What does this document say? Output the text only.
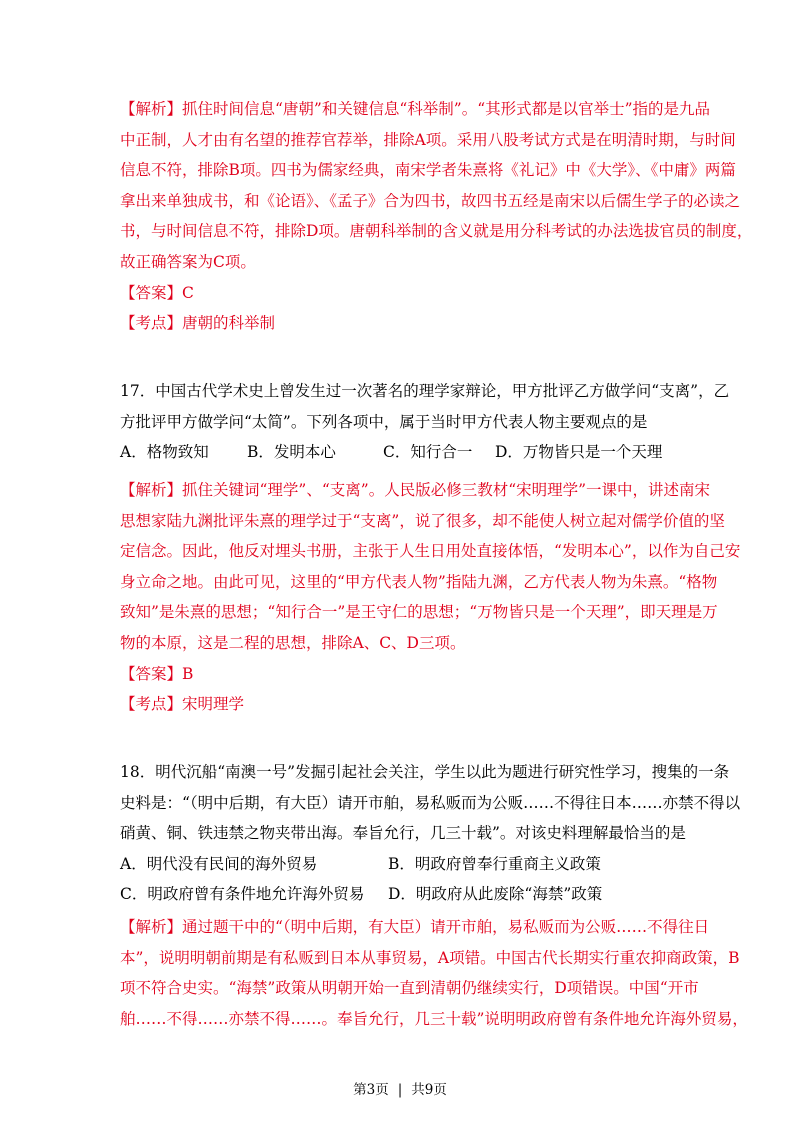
【解析】抓住时间信息“唐朝”和关键信息“科举制”。“其形式都是以官举士”指的是九品

中正制，人才由有名望的推荐官荐举，排除A项。采用八股考试方式是在明清时期，与时间

信息不符，排除B项。四书为儒家经典，南宋学者朱熹将《礼记》中《大学》、《中庸》两篇

拿出来单独成书，和《论语》、《孟子》合为四书，故四书五经是南宋以后儒生学子的必读之

书，与时间信息不符，排除D项。唐朝科举制的含义就是用分科考试的办法选拔官员的制度，

故正确答案为C项。

【答案】C

【考点】唐朝的科举制

17．中国古代学术史上曾发生过一次著名的理学家辩论，甲方批评乙方做学问“支离”，乙

方批评甲方做学问“太简”。下列各项中，属于当时甲方代表人物主要观点的是

A．格物致知	B．发明本心	C．知行合一	D．万物皆只是一个天理

【解析】抓住关键词“理学”、“支离”。人民版必修三教材“宋明理学”一课中，讲述南宋

思想家陆九渊批评朱熹的理学过于“支离”，说了很多，却不能使人树立起对儒学价值的坚

定信念。因此，他反对埋头书册，主张于人生日用处直接体悟，“发明本心”，以作为自己安

身立命之地。由此可见，这里的“甲方代表人物”指陆九渊，乙方代表人物为朱熹。“格物

致知”是朱熹的思想；“知行合一”是王守仁的思想；“万物皆只是一个天理”，即天理是万

物的本原，这是二程的思想，排除A、C、D三项。

【答案】B

【考点】宋明理学

18．明代沉船“南澳一号”发掘引起社会关注，学生以此为题进行研究性学习，搜集的一条

史料是：“（明中后期，有大臣）请开市舶，易私贩而为公贩……不得往日本……亦禁不得以

硝黄、铜、铁违禁之物夹带出海。奉旨允行，几三十载”。对该史料理解最恰当的是

A．明代没有民间的海外贸易	B．明政府曾奉行重商主义政策
C．明政府曾有条件地允许海外贸易	D．明政府从此废除“海禁”政策

【解析】通过题干中的“（明中后期，有大臣）请开市舶，易私贩而为公贩……不得往日

本”，说明明朝前期是有私贩到日本从事贸易，A项错。中国古代长期实行重农抑商政策，B

项不符合史实。“海禁”政策从明朝开始一直到清朝仍继续实行，D项错误。中国“开市

舶……不得……亦禁不得……。奉旨允行，几三十载”说明明政府曾有条件地允许海外贸易，

第3页 | 共9页
